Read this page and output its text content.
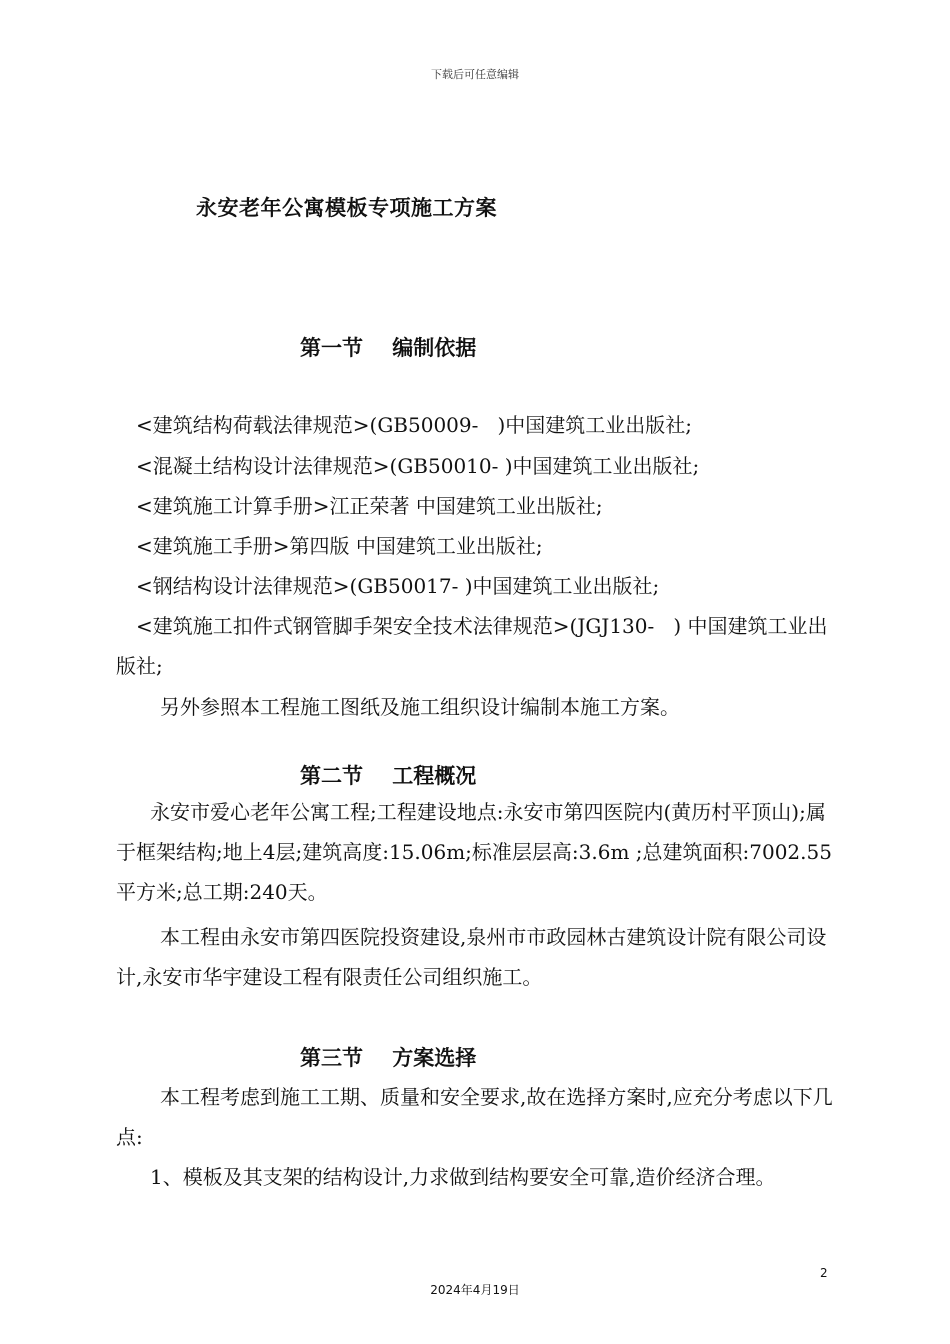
下载后可任意编辑
永安老年公寓模板专项施工方案
第一节    编制依据

<建筑结构荷载法律规范>(GB50009-   )中国建筑工业出版社;

<混凝土结构设计法律规范>(GB50010- )中国建筑工业出版社;

<建筑施工计算手册>江正荣著 中国建筑工业出版社;

<建筑施工手册>第四版 中国建筑工业出版社;

<钢结构设计法律规范>(GB50017- )中国建筑工业出版社;

<建筑施工扣件式钢管脚手架安全技术法律规范>(JGJ130-   ) 中国建筑工业出版社;

另外参照本工程施工图纸及施工组织设计编制本施工方案。

第二节    工程概况

永安市爱心老年公寓工程;工程建设地点:永安市第四医院内(黄历村平顶山);属于框架结构;地上4层;建筑高度:15.06m;标准层层高:3.6m ;总建筑面积:7002.55平方米;总工期:240天。

本工程由永安市第四医院投资建设,泉州市市政园林古建筑设计院有限公司设计,永安市华宇建设工程有限责任公司组织施工。

第三节    方案选择

本工程考虑到施工工期、质量和安全要求,故在选择方案时,应充分考虑以下几点:

1、模板及其支架的结构设计,力求做到结构要安全可靠,造价经济合理。

2
2024年4月19日
